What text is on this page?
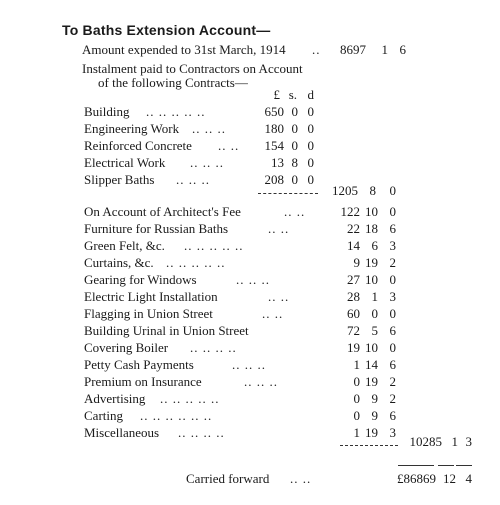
To Baths Extension Account—
Amount expended to 31st March, 1914 ..	8697	1 6
Instalment paid to Contractors on Account
of the following Contracts—
£ s. d
Building .. .. .. .. ..	650 0 0
Engineering Work .. .. ..	180 0 0
Reinforced Concrete .. ..	154 0 0
Electrical Work .. .. ..	13 8 0
Slipper Baths .. .. ..	208 0 0
1205 8	0
On Account of Architect's Fee	.. ..	122 10 0
Furniture for Russian Baths	.. ..	22 18 6
Green Felt, &c. .. .. .. .. ..	14 6 3
Curtains, &c. .. .. .. .. ..	9 19 2
Gearing for Windows	.. .. ..	27 10 0
Electric Light Installation	.. ..	28 1 3
Flagging in Union Street	.. ..	60 0 0
Building Urinal in Union Street	72 5 6
Covering Boiler .. .. .. ..	19 10 0
Petty Cash Payments	.. .. ..	1 14 6
Premium on Insurance	.. .. ..	0 19 2
Advertising .. .. .. .. ..	0 9 2
Carting .. .. .. .. .. ..	0 9 6
Miscellaneous .. .. .. ..	1 19 3
10285 1 3
Carried forward .. ..	£86869 12 4
